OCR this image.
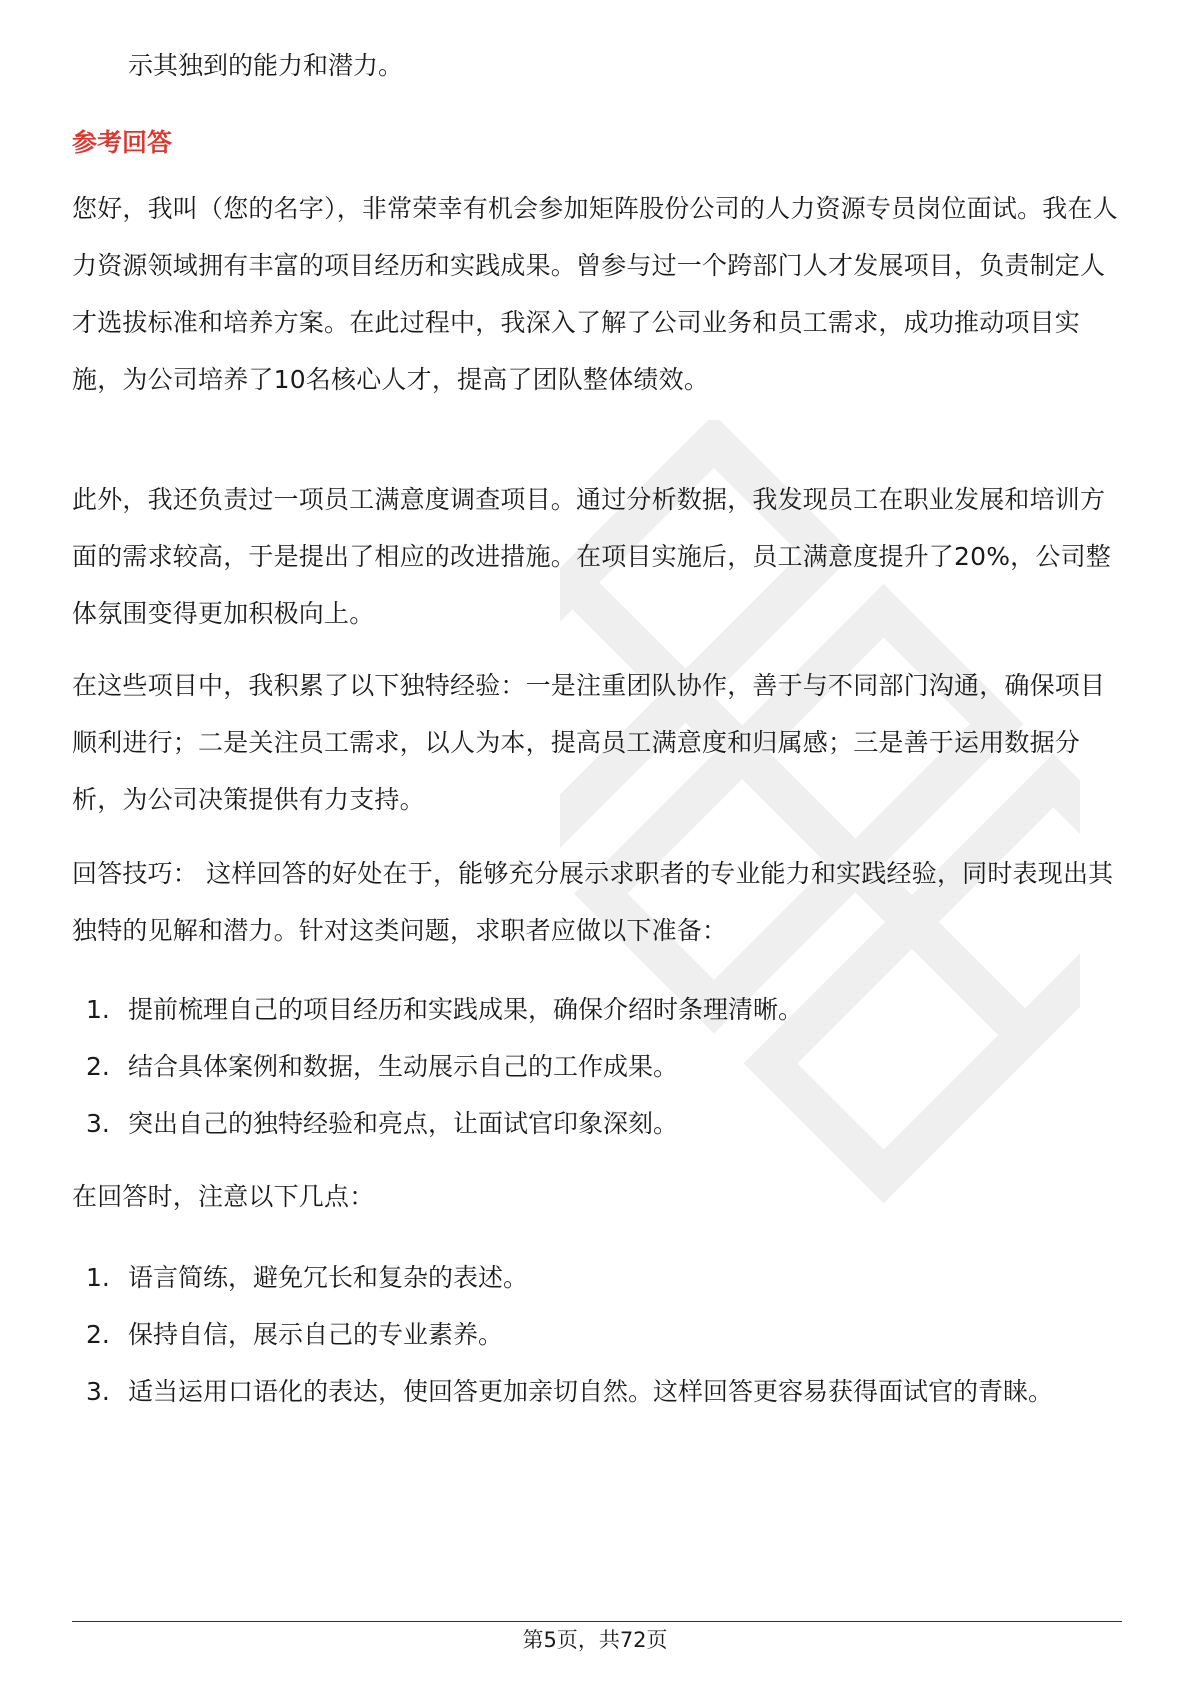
示其独到的能力和潜力。

参考回答

您好，我叫（您的名字），非常荣幸有机会参加矩阵股份公司的人力资源专员岗位面试。我在人力资源领域拥有丰富的项目经历和实践成果。曾参与过一个跨部门人才发展项目，负责制定人才选拔标准和培养方案。在此过程中，我深入了解了公司业务和员工需求，成功推动项目实施，为公司培养了10名核心人才，提高了团队整体绩效。

此外，我还负责过一项员工满意度调查项目。通过分析数据，我发现员工在职业发展和培训方面的需求较高，于是提出了相应的改进措施。在项目实施后，员工满意度提升了20%，公司整体氛围变得更加积极向上。

在这些项目中，我积累了以下独特经验：一是注重团队协作，善于与不同部门沟通，确保项目顺利进行；二是关注员工需求，以人为本，提高员工满意度和归属感；三是善于运用数据分析，为公司决策提供有力支持。

回答技巧： 这样回答的好处在于，能够充分展示求职者的专业能力和实践经验，同时表现出其独特的见解和潜力。针对这类问题，求职者应做以下准备：

1. 提前梳理自己的项目经历和实践成果，确保介绍时条理清晰。
2. 结合具体案例和数据，生动展示自己的工作成果。
3. 突出自己的独特经验和亮点，让面试官印象深刻。

在回答时，注意以下几点：

1. 语言简练，避免冗长和复杂的表述。
2. 保持自信，展示自己的专业素养。
3. 适当运用口语化的表达，使回答更加亲切自然。这样回答更容易获得面试官的青睐。
第5页，共72页
